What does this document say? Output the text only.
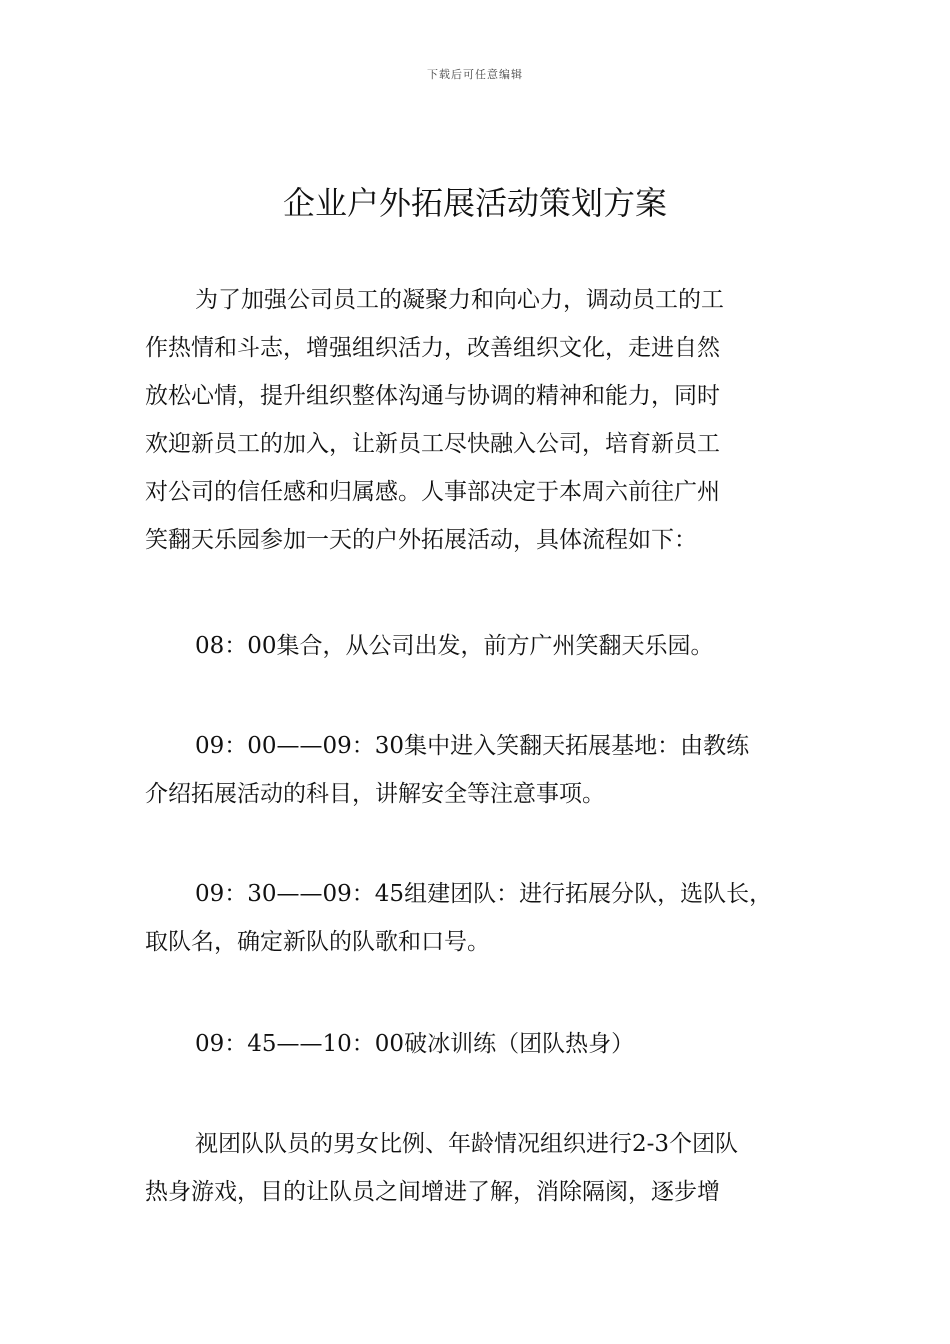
下载后可任意编辑
企业户外拓展活动策划方案
为了加强公司员工的凝聚力和向心力，调动员工的工
作热情和斗志，增强组织活力，改善组织文化，走进自然
放松心情，提升组织整体沟通与协调的精神和能力，同时
欢迎新员工的加入，让新员工尽快融入公司，培育新员工
对公司的信任感和归属感。人事部决定于本周六前往广州
笑翻天乐园参加一天的户外拓展活动，具体流程如下：
08：00集合，从公司出发，前方广州笑翻天乐园。
09：00——09：30集中进入笑翻天拓展基地：由教练
介绍拓展活动的科目，讲解安全等注意事项。
09：30——09：45组建团队：进行拓展分队，选队长，
取队名，确定新队的队歌和口号。
09：45——10：00破冰训练（团队热身）
视团队队员的男女比例、年龄情况组织进行2-3个团队
热身游戏，目的让队员之间增进了解，消除隔阂，逐步增
